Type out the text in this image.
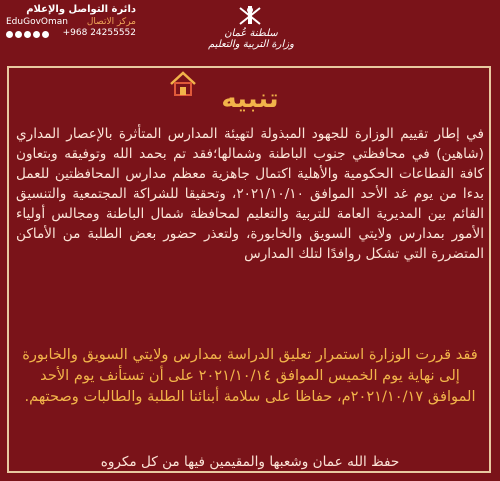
دائرة التواصل والإعلام
EduGovOman مركز الاتصال
+968 24255552	سلطنة عُمان
وزارة التربية والتعليم
تنبيه

في إطار تقييم الوزارة للجهود المبذولة لتهيئة المدارس المتأثرة بالإعصار المداري (شاهين) في محافظتي جنوب الباطنة وشمالها؛فقد تم بحمد الله وتوفيقه وبتعاون كافة القطاعات الحكومية والأهلية اكتمال جاهزية معظم مدارس المحافظتين للعمل بدءا من يوم غد الأحد الموافق ٢٠٢١/١٠/١٠، وتحقيقا للشراكة المجتمعية والتنسيق القائم بين المديرية العامة للتربية والتعليم لمحافظة شمال الباطنة ومجالس أولياء الأمور بمدارس ولايتي السويق والخابورة، ولتعذر حضور بعض الطلبة من الأماكن المتضررة التي تشكل روافدًا لتلك المدارس

فقد قررت الوزارة استمرار تعليق الدراسة بمدارس ولايتي السويق والخابورة إلى نهاية يوم الخميس الموافق ٢٠٢١/١٠/١٤ على أن تستأنف يوم الأحد الموافق ٢٠٢١/١٠/١٧م، حفاظا على سلامة أبنائنا الطلبة والطالبات وصحتهم.

حفظ الله عمان وشعبها والمقيمين فيها من كل مكروه
